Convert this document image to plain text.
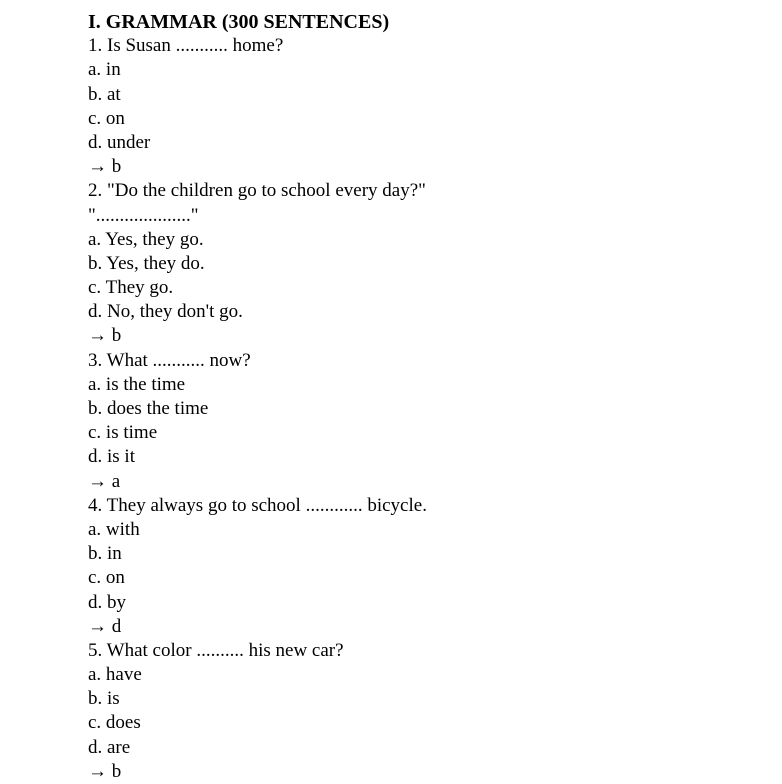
I. GRAMMAR (300 SENTENCES)
1. Is Susan ........... home?
a. in
b. at
c. on
d. under
→ b
2. "Do the children go to school every day?"
"...................."
a. Yes, they go.
b. Yes, they do.
c. They go.
d. No, they don't go.
→ b
3. What ........... now?
a. is the time
b. does the time
c. is time
d. is it
→ a
4. They always go to school ............ bicycle.
a. with
b. in
c. on
d. by
→ d
5. What color .......... his new car?
a. have
b. is
c. does
d. are
→ b
